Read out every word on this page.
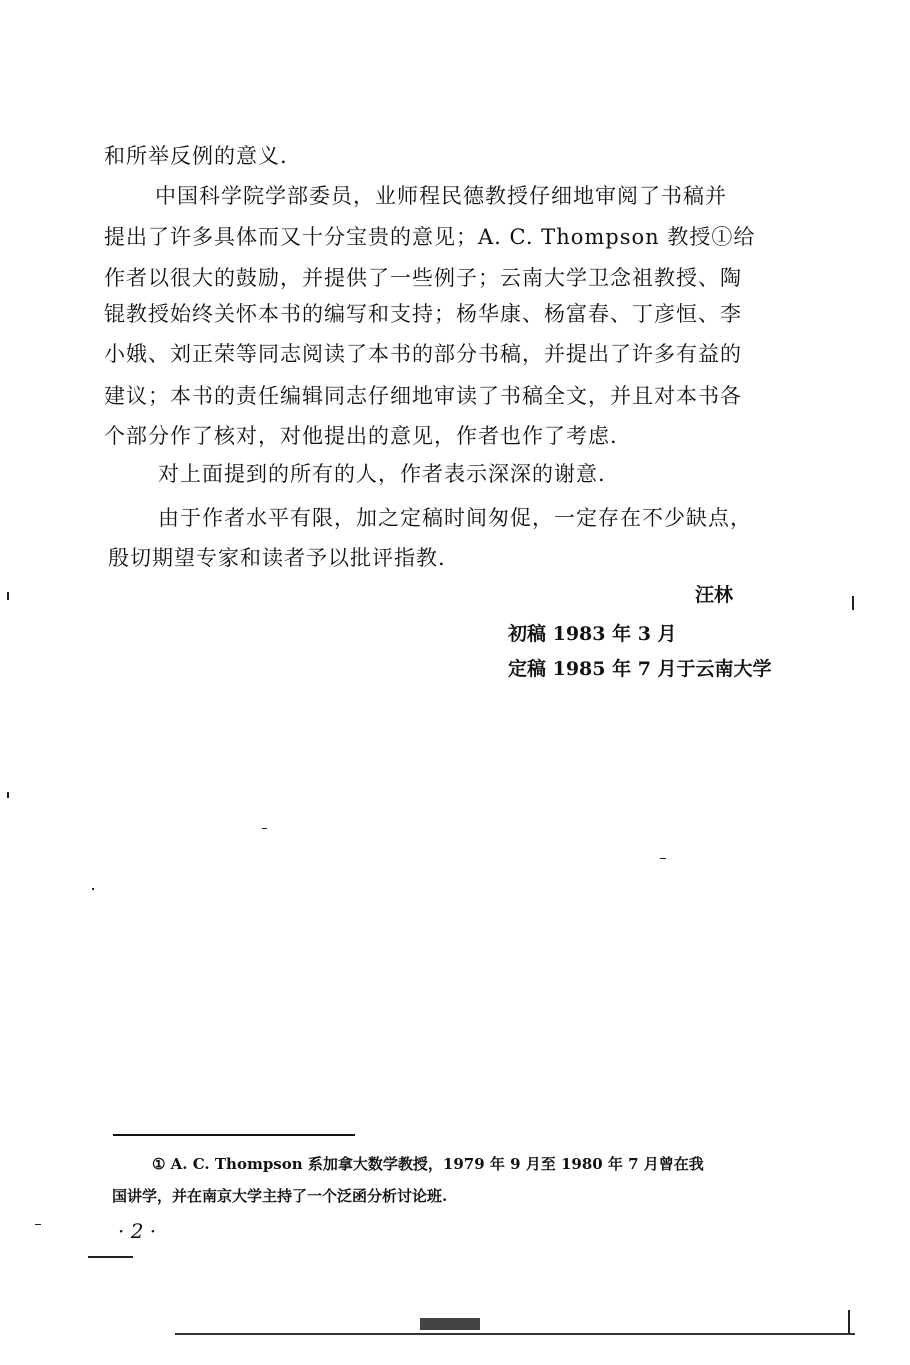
和所举反例的意义.
中国科学院学部委员，业师程民德教授仔细地审阅了书稿并
提出了许多具体而又十分宝贵的意见；A. C. Thompson 教授①给
作者以很大的鼓励，并提供了一些例子；云南大学卫念祖教授、陶
锟教授始终关怀本书的编写和支持；杨华康、杨富春、丁彦恒、李
小娥、刘正荣等同志阅读了本书的部分书稿，并提出了许多有益的
建议；本书的责任编辑同志仔细地审读了书稿全文，并且对本书各
个部分作了核对，对他提出的意见，作者也作了考虑.
对上面提到的所有的人，作者表示深深的谢意.
由于作者水平有限，加之定稿时间匆促，一定存在不少缺点，
殷切期望专家和读者予以批评指教.
汪林
初稿 1983 年 3 月
定稿 1985 年 7 月于云南大学
① A. C. Thompson 系加拿大数学教授，1979 年 9 月至 1980 年 7 月曾在我
国讲学，并在南京大学主持了一个泛函分析讨论班.
· 2 ·
